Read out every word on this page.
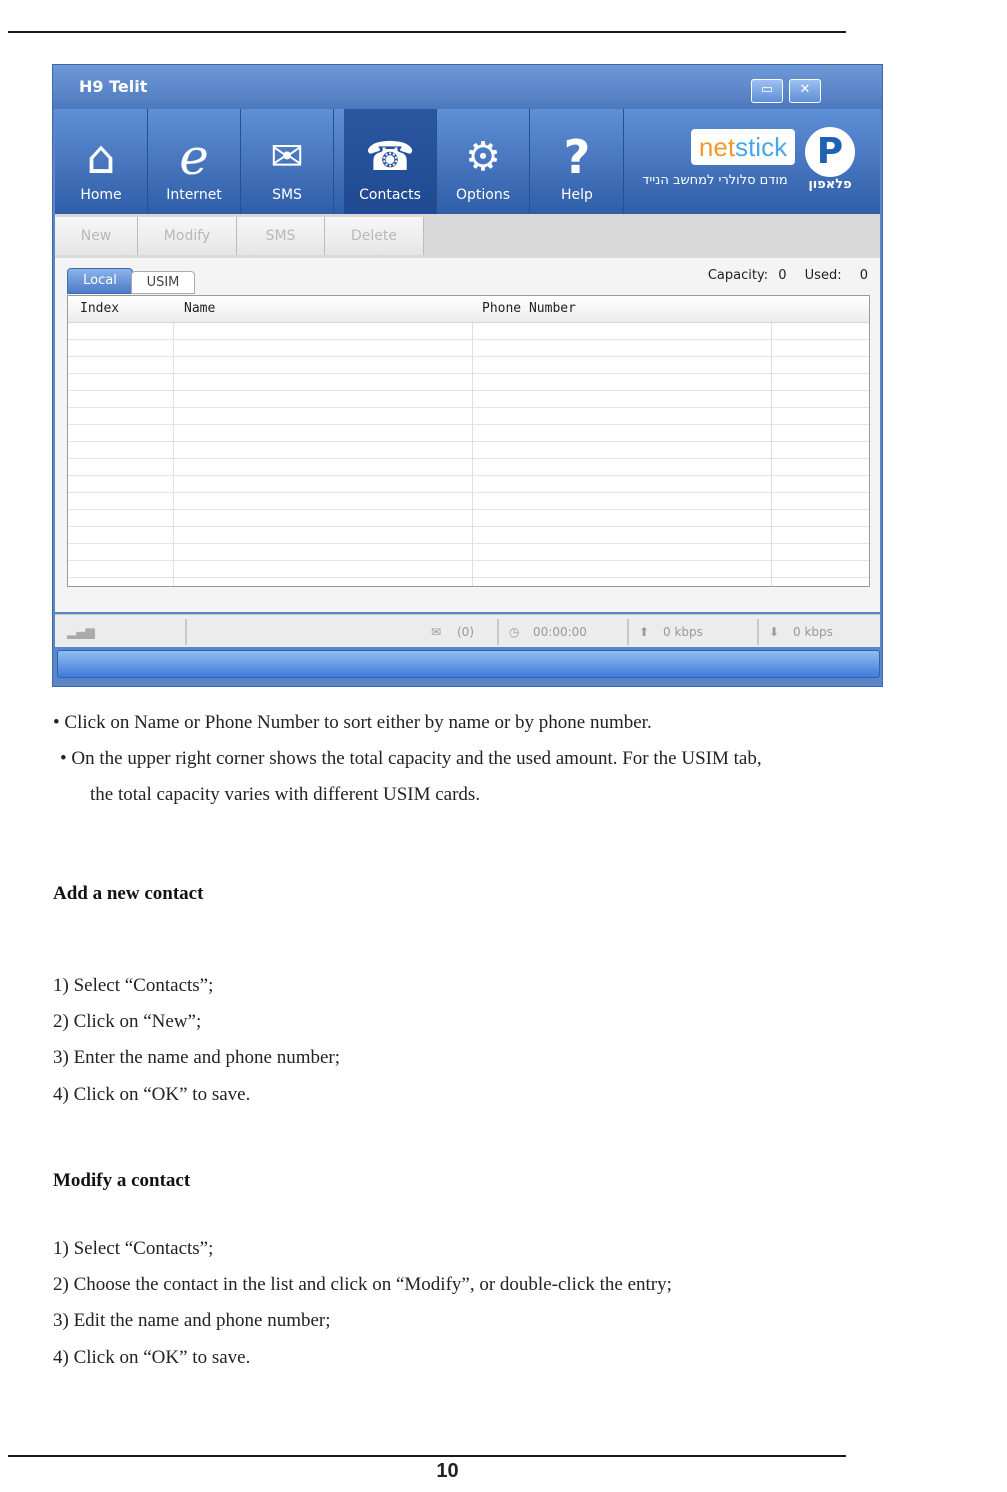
H9 Telit	▭	✕
⌂
Home
e
Internet
✉
SMS
☎
Contacts
⚙
Options
?
Help
netstick
מודם סלולרי למחשב הנייד
P
פלאפון
New	Modify	SMS	Delete
Local	USIM	Capacity: 0 Used: 0
Index	Name	Phone Number
▂▄▆	✉ (0)	◷ 00:00:00	⬆ 0 kbps	⬇ 0 kbps
• Click on Name or Phone Number to sort either by name or by phone number.
• On the upper right corner shows the total capacity and the used amount. For the USIM tab,
the total capacity varies with different USIM cards.
Add a new contact
1) Select “Contacts”;
2) Click on “New”;
3) Enter the name and phone number;
4) Click on “OK” to save.
Modify a contact
1) Select “Contacts”;
2) Choose the contact in the list and click on “Modify”, or double-click the entry;
3) Edit the name and phone number;
4) Click on “OK” to save.
10
